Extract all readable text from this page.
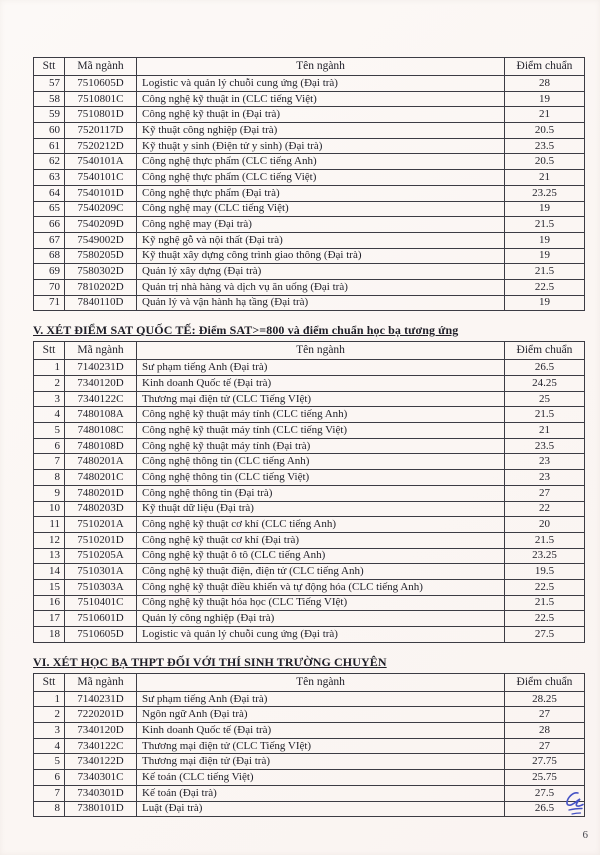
Stt	Mã ngành	Tên ngành	Điểm chuẩn
57	7510605D	Logistic và quản lý chuỗi cung ứng (Đại trà)	28
58	7510801C	Công nghệ kỹ thuật in (CLC tiếng Việt)	19
59	7510801D	Công nghệ kỹ thuật in (Đại trà)	21
60	7520117D	Kỹ thuật công nghiệp (Đại trà)	20.5
61	7520212D	Kỹ thuật y sinh (Điện tử y sinh) (Đại trà)	23.5
62	7540101A	Công nghệ thực phẩm (CLC tiếng Anh)	20.5
63	7540101C	Công nghệ thực phẩm (CLC tiếng Việt)	21
64	7540101D	Công nghệ thực phẩm (Đại trà)	23.25
65	7540209C	Công nghệ may (CLC tiếng Việt)	19
66	7540209D	Công nghệ may (Đại trà)	21.5
67	7549002D	Kỹ nghệ gỗ và nội thất (Đại trà)	19
68	7580205D	Kỹ thuật xây dựng công trình giao thông (Đại trà)	19
69	7580302D	Quản lý xây dựng (Đại trà)	21.5
70	7810202D	Quản trị nhà hàng và dịch vụ ăn uống (Đại trà)	22.5
71	7840110D	Quản lý và vận hành hạ tầng (Đại trà)	19
V. XÉT ĐIỂM SAT QUỐC TẾ: Điểm SAT>=800 và điểm chuẩn học bạ tương ứng
Stt	Mã ngành	Tên ngành	Điểm chuẩn
1	7140231D	Sư phạm tiếng Anh (Đại trà)	26.5
2	7340120D	Kinh doanh Quốc tế (Đại trà)	24.25
3	7340122C	Thương mại điện tử (CLC Tiếng VIệt)	25
4	7480108A	Công nghệ kỹ thuật máy tính (CLC tiếng Anh)	21.5
5	7480108C	Công nghệ kỹ thuật máy tính (CLC tiếng Việt)	21
6	7480108D	Công nghệ kỹ thuật máy tính (Đại trà)	23.5
7	7480201A	Công nghệ thông tin (CLC tiếng Anh)	23
8	7480201C	Công nghệ thông tin (CLC tiếng Việt)	23
9	7480201D	Công nghệ thông tin (Đại trà)	27
10	7480203D	Kỹ thuật dữ liệu (Đại trà)	22
11	7510201A	Công nghệ kỹ thuật cơ khí (CLC tiếng Anh)	20
12	7510201D	Công nghệ kỹ thuật cơ khí (Đại trà)	21.5
13	7510205A	Công nghệ kỹ thuật ô tô (CLC tiếng Anh)	23.25
14	7510301A	Công nghệ kỹ thuật điện, điện tử (CLC tiếng Anh)	19.5
15	7510303A	Công nghệ kỹ thuật điều khiển và tự động hóa (CLC tiếng Anh)	22.5
16	7510401C	Công nghệ kỹ thuật hóa học (CLC Tiếng VIệt)	21.5
17	7510601D	Quản lý công nghiệp (Đại trà)	22.5
18	7510605D	Logistic và quản lý chuỗi cung ứng (Đại trà)	27.5
VI. XÉT HỌC BẠ THPT ĐỐI VỚI THÍ SINH TRƯỜNG CHUYÊN
Stt	Mã ngành	Tên ngành	Điểm chuẩn
1	7140231D	Sư phạm tiếng Anh (Đại trà)	28.25
2	7220201D	Ngôn ngữ Anh (Đại trà)	27
3	7340120D	Kinh doanh Quốc tế (Đại trà)	28
4	7340122C	Thương mại điện tử (CLC Tiếng VIệt)	27
5	7340122D	Thương mại điện tử (Đại trà)	27.75
6	7340301C	Kế toán (CLC tiếng Việt)	25.75
7	7340301D	Kế toán (Đại trà)	27.5
8	7380101D	Luật (Đại trà)	26.5
6
